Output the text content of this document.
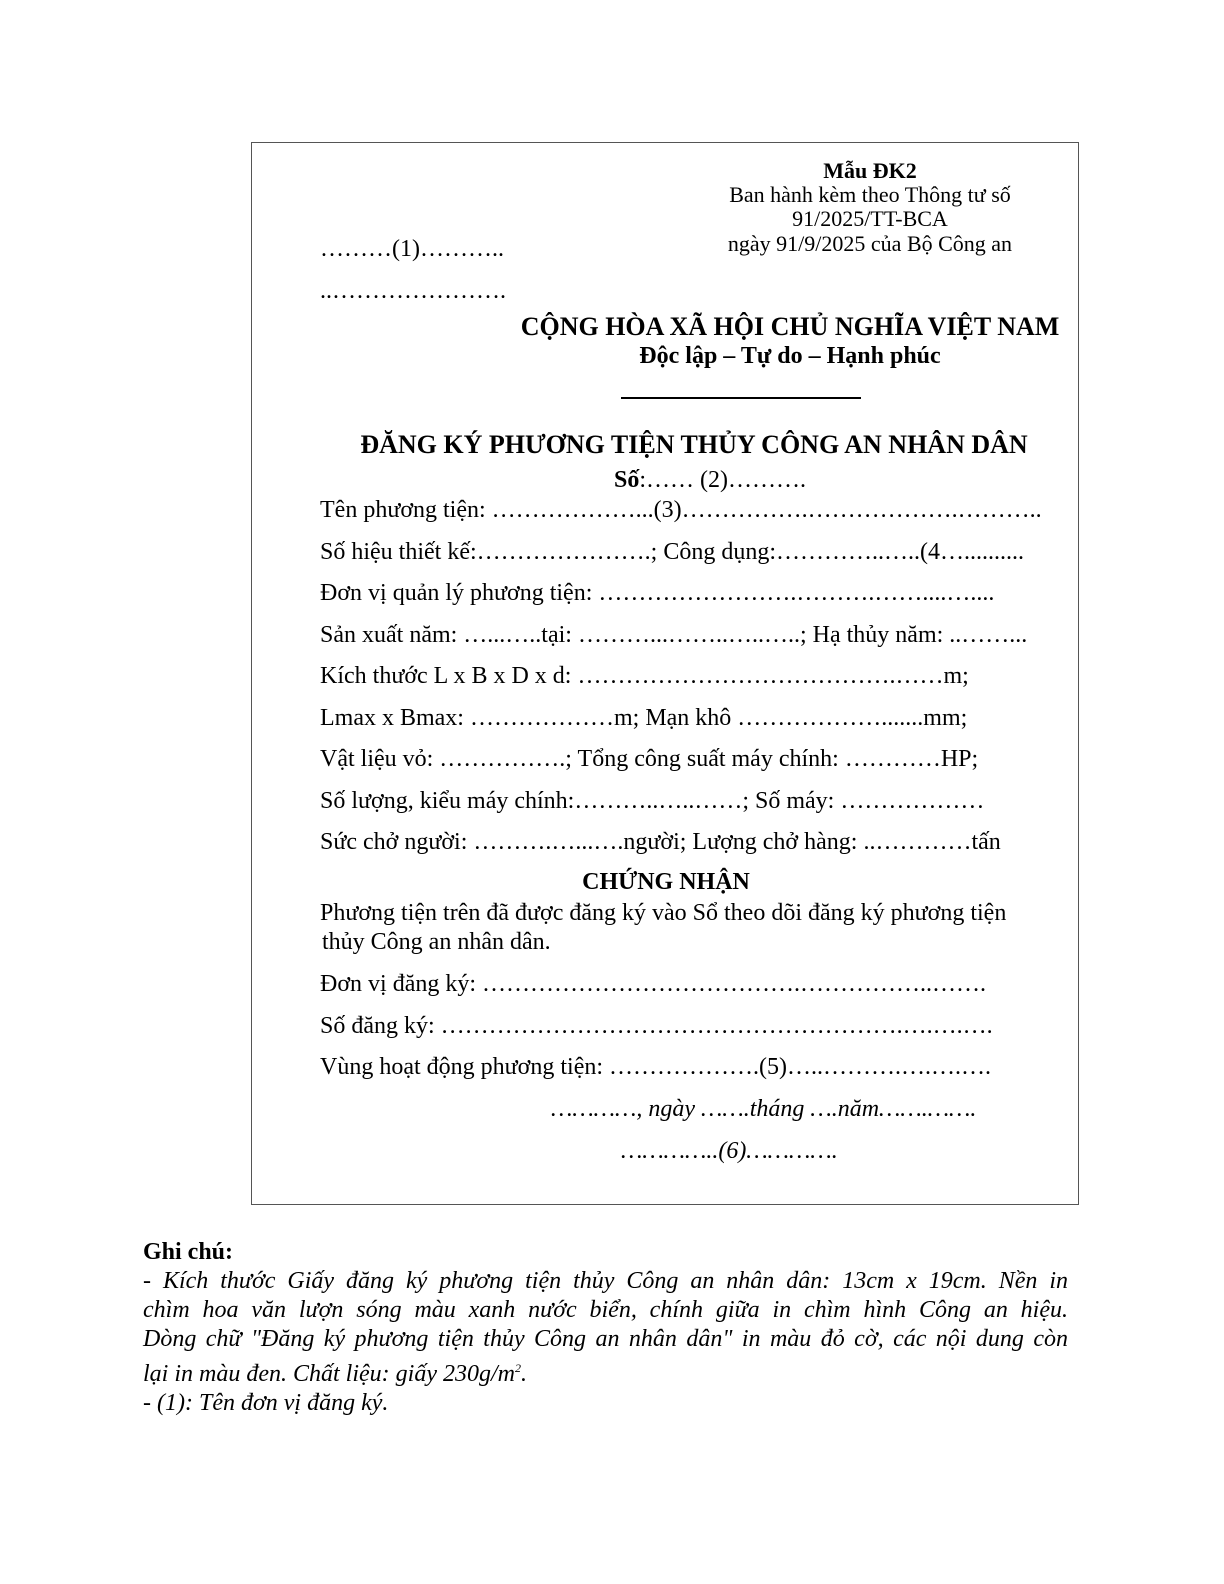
Mẫu ĐK2
Ban hành kèm theo Thông tư số
91/2025/TT-BCA
ngày 91/9/2025 của Bộ Công an
………(1)………..
..………………….
CỘNG HÒA XÃ HỘI CHỦ NGHĨA VIỆT NAM
Độc lập – Tự do – Hạnh phúc
ĐĂNG KÝ PHƯƠNG TIỆN THỦY CÔNG AN NHÂN DÂN
Số:…… (2)……….
Tên phương tiện: ………………...(3)…………….……………….………..
Số hiệu thiết kế:………………….; Công dụng:…………..…..(4…..........
Đơn vị quản lý phương tiện: …………………….……….……....…....
Sản xuất năm: …...…..tại: ………...……..…..…..; Hạ thủy năm: ..……...
Kích thước L x B x D x d: ………………………………….……m;
Lmax x Bmax: ………………m; Mạn khô ……………….......mm;
Vật liệu vỏ: …………….; Tổng công suất máy chính: …………HP;
Số lượng, kiểu máy chính:………..…..……; Số máy: ………………
Sức chở người: ……….…...….người; Lượng chở hàng: ..…………tấn
CHỨNG NHẬN
Phương tiện trên đã được đăng ký vào Sổ theo dõi đăng ký phương tiện
thủy Công an nhân dân.
Đơn vị đăng ký: ………………………………….……………..…….
Số đăng ký: ………………………………………………….….….….
Vùng hoạt động phương tiện: ……………….(5)…..……….….….….
…………, ngày …….tháng ….năm…….…….
…………..(6)………….
Ghi chú:
- Kích thước Giấy đăng ký phương tiện thủy Công an nhân dân: 13cm x 19cm. Nền in
chìm hoa văn lượn sóng màu xanh nước biển, chính giữa in chìm hình Công an hiệu.
Dòng chữ "Đăng ký phương tiện thủy Công an nhân dân" in màu đỏ cờ, các nội dung còn
lại in màu đen. Chất liệu: giấy $230g/m^2$.
- (1): Tên đơn vị đăng ký.
